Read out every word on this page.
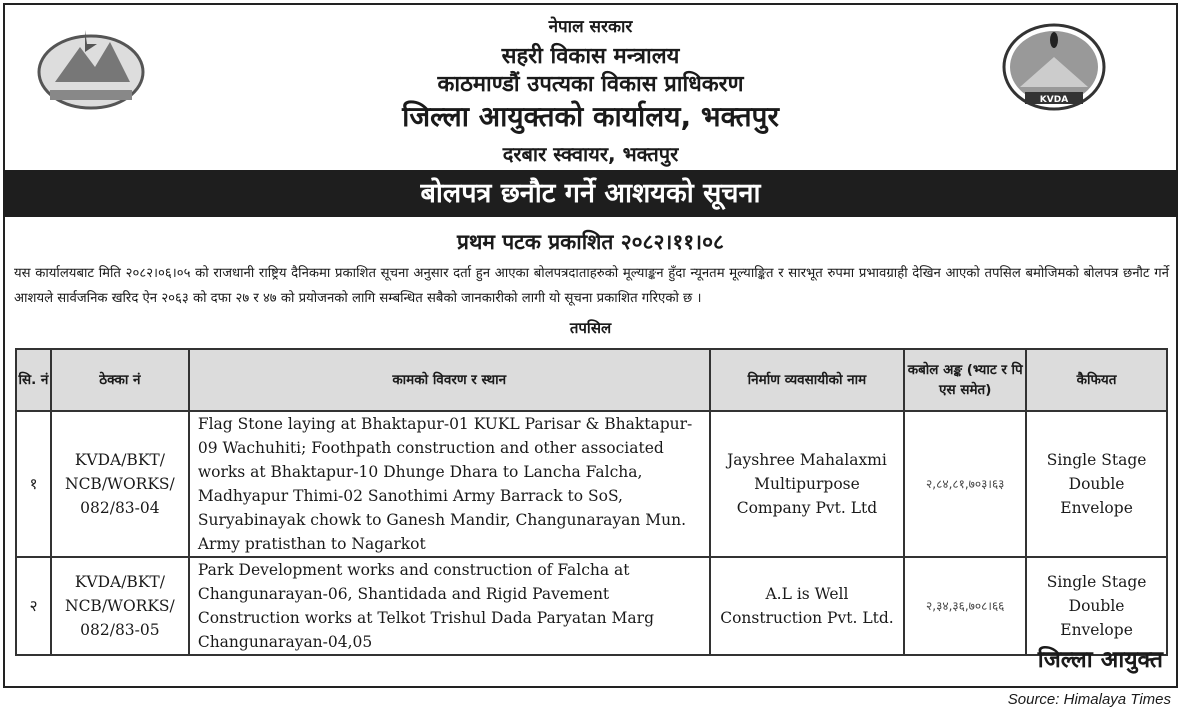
KVDA
नेपाल सरकार
सहरी विकास मन्त्रालय
काठमाण्डौं उपत्यका विकास प्राधिकरण
जिल्ला आयुक्तको कार्यालय, भक्तपुर
दरबार स्क्वायर, भक्तपुर
बोलपत्र छनौट गर्ने आशयको सूचना
प्रथम पटक प्रकाशित २०८२।११।०८
यस कार्यालयबाट मिति २०८२।०६।०५ को राजधानी राष्ट्रिय दैनिकमा प्रकाशित सूचना अनुसार दर्ता हुन आएका बोलपत्रदाताहरुको मूल्याङ्कन हुँदा न्यूनतम मूल्याङ्कित र सारभूत रुपमा प्रभावग्राही देखिन आएको तपसिल बमोजिमको बोलपत्र छनौट गर्ने आशयले सार्वजनिक खरिद ऐन २०६३ को दफा २७ र ४७ को प्रयोजनको लागि सम्बन्धित सबैको जानकारीको लागी यो सूचना प्रकाशित गरिएको छ ।
तपसिल
सि. नं	ठेक्का नं	कामको विवरण र स्थान	निर्माण व्यवसायीको नाम	कबोल अङ्क (भ्याट र पि एस समेत)	कैफियत
१	KVDA/BKT/ NCB/WORKS/ 082/83-04	Flag Stone laying at Bhaktapur-01 KUKL Parisar & Bhaktapur-09 Wachuhiti; Foothpath construction and other associated works at Bhaktapur-10 Dhunge Dhara to Lancha Falcha, Madhyapur Thimi-02 Sanothimi Army Barrack to SoS, Suryabinayak chowk to Ganesh Mandir, Changunarayan Mun. Army pratisthan to Nagarkot	Jayshree Mahalaxmi Multipurpose Company Pvt. Ltd	२,८४,८१,७०३।६३	Single Stage Double Envelope
२	KVDA/BKT/ NCB/WORKS/ 082/83-05	Park Development works and construction of Falcha at Changunarayan-06, Shantidada and Rigid Pavement Construction works at Telkot Trishul Dada Paryatan Marg Changunarayan-04,05	A.L is Well Construction Pvt. Ltd.	२,३४,३६,७०८।६६	Single Stage Double Envelope
जिल्ला आयुक्त
Source: Himalaya Times
